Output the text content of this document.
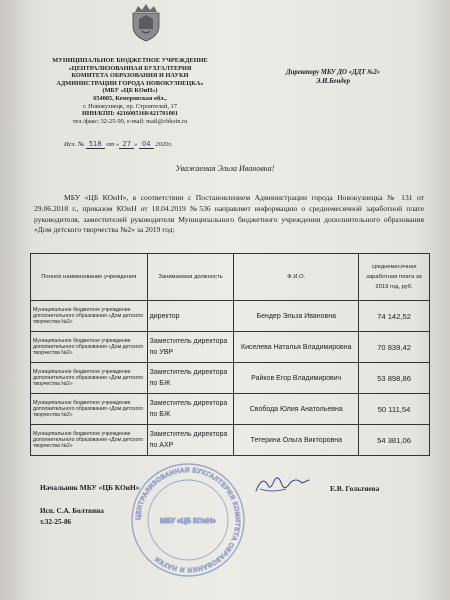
МУНИЦИПАЛЬНОЕ БЮДЖЕТНОЕ УЧРЕЖДЕНИЕ
«ЦЕНТРАЛИЗОВАННАЯ БУХГАЛТЕРИЯ
КОМИТЕТА ОБРАЗОВАНИЯ И НАУКИ
АДМИНИСТРАЦИИ ГОРОДА НОВОКУЗНЕЦКА»
(МБУ «ЦБ КОиН»)
654005, Кемеровская обл.,
г. Новокузнецк, пр. Строителей, 17
ИНН/КПП: 4216005168/421701001
тел./факс: 32-25-90, e-mail: mail@cbkoin.ru
Исх. № 518 от « 27 » 04 2020г.
Директору МБУ ДО «ДДТ №2»
Э.И.Бендер
Уважаемая Эльза Ивановна!
МБУ «ЦБ КОиН», в соответствии с Постановлением Администрации города Новокузнецка № 131 от 29.06.2018 г., приказом КОиН от 18.04.2019 №536 направляет информацию о среднемесячной заработной плате руководителя, заместителей руководителя Муниципального бюджетного учреждения дополнительного образования «Дом детского творчества №2» за 2019 год:
Полное наименование учреждения	Занимаемая должность	Ф.И.О.	среднемесячная заработная плата за 2019 год, руб.
Муниципальное бюджетное учреждение дополнительного образования «Дом детского творчества №2»	директор	Бендер Эльза Ивановна	74 142,52
Муниципальное бюджетное учреждение дополнительного образования «Дом детского творчества №2»	Заместитель директора по УВР	Киселева Наталья Владимировна	70 839,42
Муниципальное бюджетное учреждение дополнительного образования «Дом детского творчества №2»	Заместитель директора по БЖ	Райков Егор Владимирович	53 898,86
Муниципальное бюджетное учреждение дополнительного образования «Дом детского творчества №2»	Заместитель директора по БЖ	Свобода Юлия Анатольевна	50 111,54
Муниципальное бюджетное учреждение дополнительного образования «Дом детского творчества №2»	Заместитель директора по АХР	Тетерина Ольга Викторовна	54 381,06
ЦЕНТРАЛИЗОВАННАЯ БУХГАЛТЕРИЯ КОМИТЕТА ОБРАЗОВАНИЯ И НАУКИ
МБУ «ЦБ КОиН»
Начальник МБУ «ЦБ КОиН»	Е.В. Гольтяева
Исп. С.А. Болтвина
т.32-25-86
